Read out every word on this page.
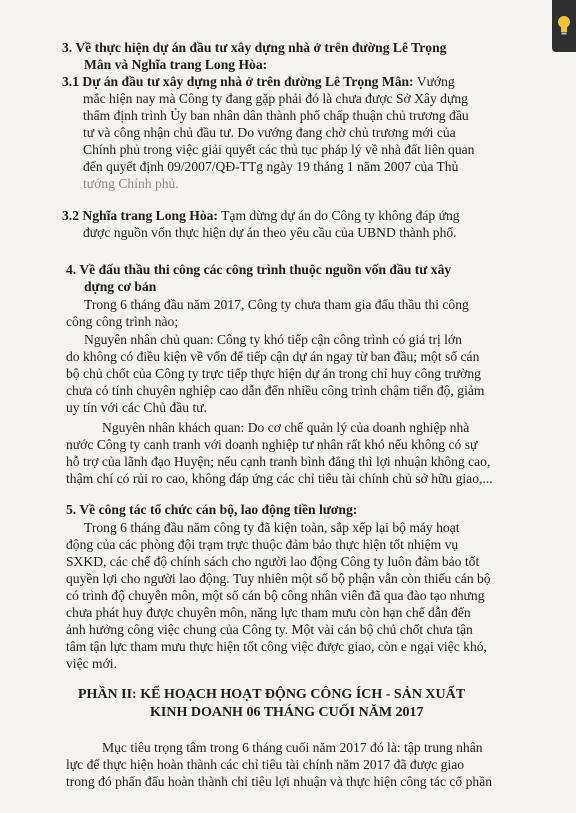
3. Về thực hiện dự án đầu tư xây dựng nhà ở trên đường Lê Trọng

Mân và Nghĩa trang Long Hòa:

3.1 Dự án đầu tư xây dựng nhà ở trên đường Lê Trọng Mân: Vướng

mắc hiện nay mà Công ty đang gặp phải đó là chưa được Sở Xây dựng

thẩm định trình Ủy ban nhân dân thành phố chấp thuận chủ trương đầu

tư và công nhận chủ đầu tư. Do vướng đang chờ chủ trương mới của

Chính phủ trong việc giải quyết các thủ tục pháp lý về nhà đất liên quan

đến quyết định 09/2007/QĐ-TTg ngày 19 tháng 1 năm 2007 của Thủ

tướng Chính phủ.

3.2 Nghĩa trang Long Hòa: Tạm dừng dự án do Công ty không đáp ứng

được nguồn vốn thực hiện dự án theo yêu cầu của UBND thành phố.

4. Về đấu thầu thi công các công trình thuộc nguồn vốn đầu tư xây

dựng cơ bản

Trong 6 tháng đầu năm 2017, Công ty chưa tham gia đấu thầu thi công

công công trình nào;

Nguyên nhân chủ quan: Công ty khó tiếp cận công trình có giá trị lớn

do không có điều kiện về vốn để tiếp cận dự án ngay từ ban đầu; một số cán

bộ chủ chốt của Công ty trực tiếp thực hiện dự án trong chỉ huy công trường

chưa có tính chuyên nghiệp cao dẫn đến nhiều công trình chậm tiến độ, giảm

uy tín với các Chủ đầu tư.

Nguyên nhân khách quan: Do cơ chế quản lý của doanh nghiệp nhà

nước Công ty canh tranh với doanh nghiệp tư nhân rất khó nếu không có sự

hỗ trợ của lãnh đạo Huyện; nếu cạnh tranh bình đẳng thì lợi nhuận không cao,

thậm chí có rủi ro cao, không đáp ứng các chỉ tiêu tài chính chủ sở hữu giao,...

5. Về công tác tổ chức cán bộ, lao động tiền lương:

Trong 6 tháng đầu năm công ty đã kiện toàn, sắp xếp lại bộ máy hoạt

động của các phòng đội trạm trực thuộc đảm bảo thực hiện tốt nhiệm vụ

SXKD, các chế độ chính sách cho người lao động Công ty luôn đảm bảo tốt

quyền lợi cho người lao động. Tuy nhiên một số bộ phận vẫn còn thiếu cán bộ

có trình độ chuyên môn, một số cán bộ công nhân viên đã qua đào tạo nhưng

chưa phát huy được chuyên môn, năng lực tham mưu còn hạn chế dẫn đến

ảnh hưởng công việc chung của Công ty. Một vài cán bộ chủ chốt chưa tận

tâm tận lực tham mưu thực hiện tốt công việc được giao, còn e ngại việc khó,

việc mới.

PHẦN II: KẾ HOẠCH HOẠT ĐỘNG CÔNG ÍCH - SẢN XUẤT

KINH DOANH 06 THÁNG CUỐI NĂM 2017

Mục tiêu trọng tâm trong 6 tháng cuối năm 2017 đó là: tập trung nhân

lực để thực hiện hoàn thành các chỉ tiêu tài chính năm 2017 đã được giao

trong đó phấn đấu hoàn thành chỉ tiêu lợi nhuận và thực hiện công tác cổ phần
